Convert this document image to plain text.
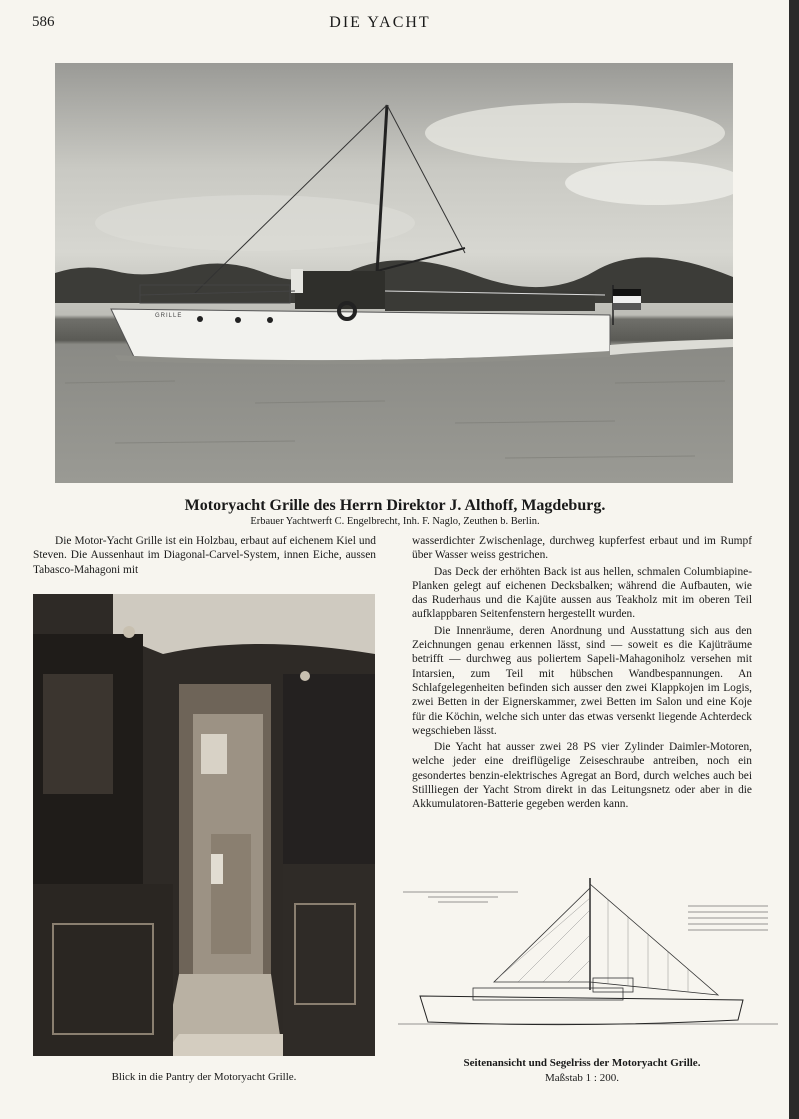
586	DIE YACHT
GRILLE
Motoryacht Grille des Herrn Direktor J. Althoff, Magdeburg.
Erbauer Yachtwerft C. Engelbrecht, Inh. F. Naglo, Zeuthen b. Berlin.

Die Motor-Yacht Grille ist ein Holzbau, erbaut auf eichenem Kiel und Steven. Die Aussenhaut im Diagonal-Carvel-System, innen Eiche, aussen Tabasco-Mahagoni mit

Blick in die Pantry der Motoryacht Grille.

wasserdichter Zwischenlage, durchweg kupferfest erbaut und im Rumpf über Wasser weiss gestrichen.

Das Deck der erhöhten Back ist aus hellen, schmalen Columbiapine-Planken gelegt auf eichenen Decksbalken; während die Aufbauten, wie das Ruderhaus und die Kajüte aussen aus Teakholz mit im oberen Teil aufklappbaren Seitenfenstern hergestellt wurden.

Die Innenräume, deren Anordnung und Ausstattung sich aus den Zeichnungen genau erkennen lässt, sind — soweit es die Kajüträume betrifft — durchweg aus poliertem Sapeli-Mahagoniholz versehen mit Intarsien, zum Teil mit hübschen Wandbespannungen. An Schlafgelegenheiten befinden sich ausser den zwei Klappkojen im Logis, zwei Betten in der Eignerskammer, zwei Betten im Salon und eine Koje für die Köchin, welche sich unter das etwas versenkt liegende Achterdeck wegschieben lässt.

Die Yacht hat ausser zwei 28 PS vier Zylinder Daimler-Motoren, welche jeder eine dreiflügelige Zeiseschraube antreiben, noch ein gesondertes benzin-elektrisches Agregat an Bord, durch welches auch bei Stillliegen der Yacht Strom direkt in das Leitungsnetz oder aber in die Akkumulatoren-Batterie gegeben werden kann.

Seitenansicht und Segelriss der Motoryacht Grille.
Maßstab 1 : 200.
